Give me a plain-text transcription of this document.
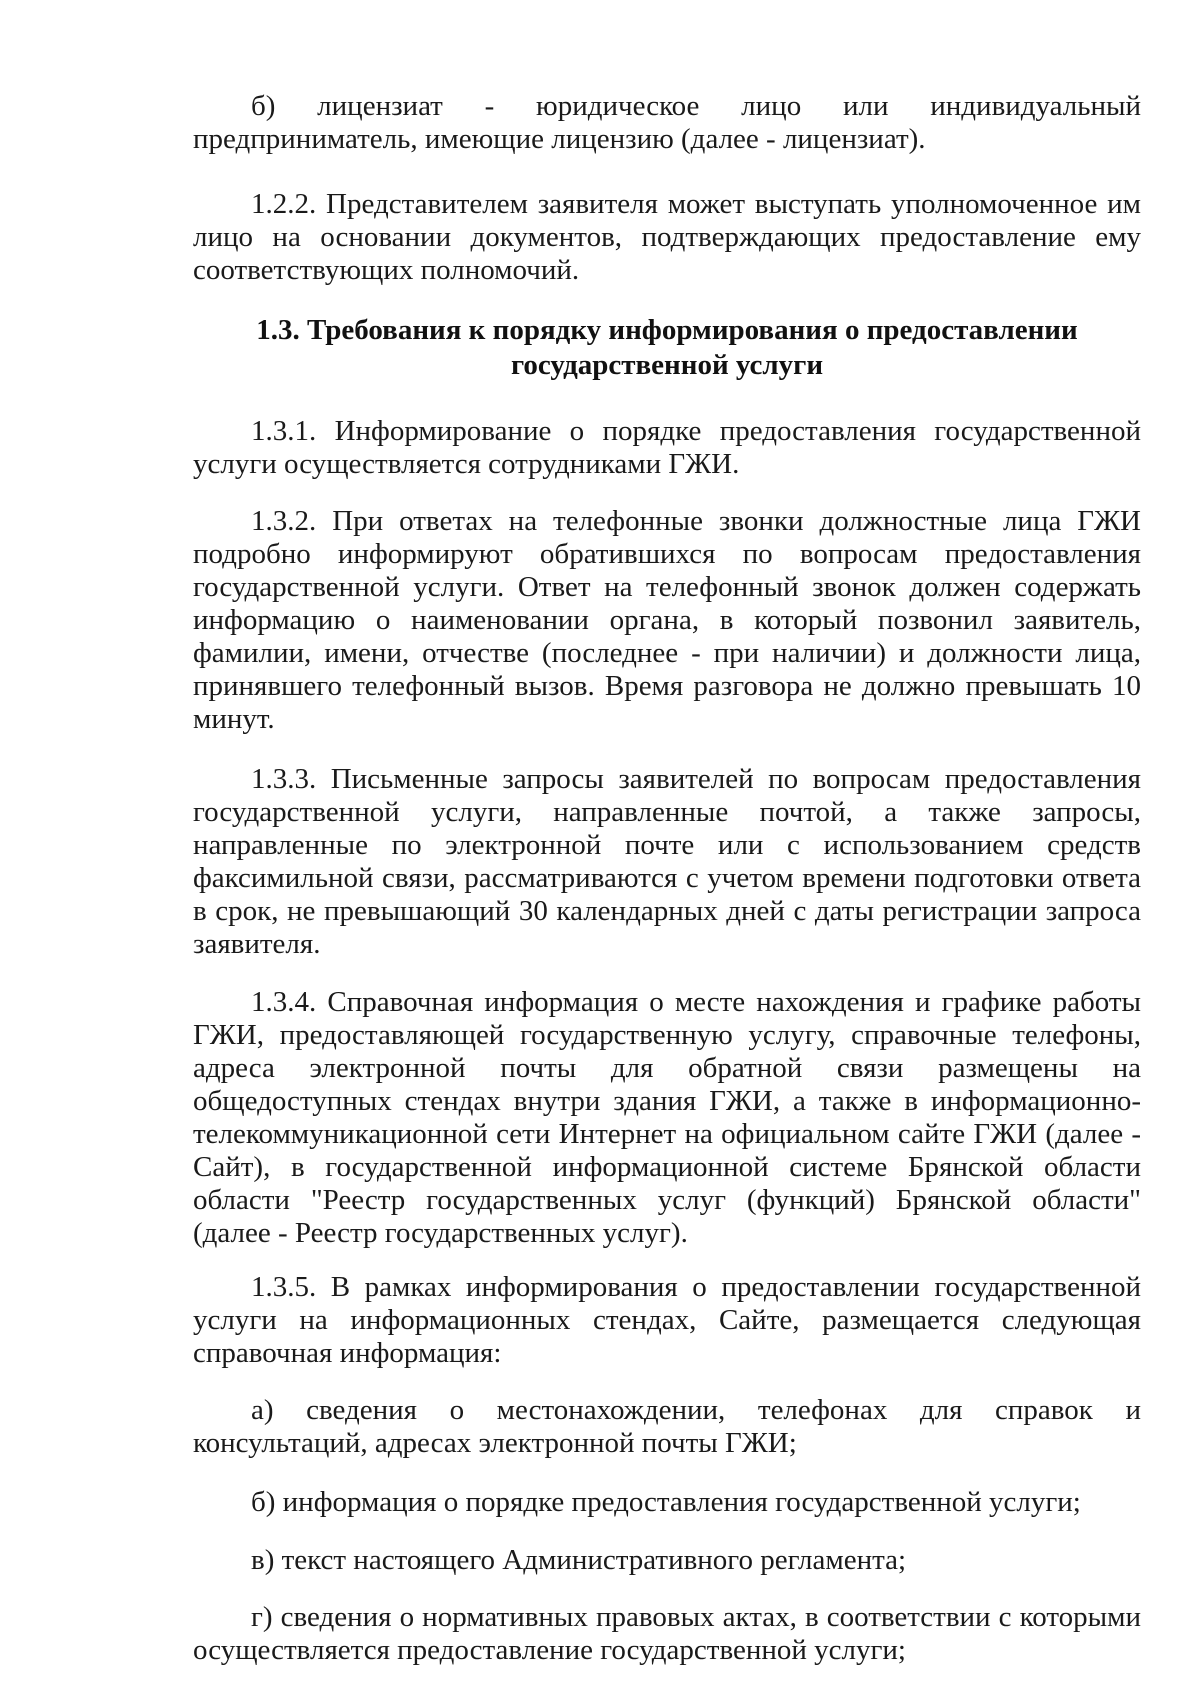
б) лицензиат - юридическое лицо или индивидуальный предприниматель, имеющие лицензию (далее - лицензиат).

1.2.2. Представителем заявителя может выступать уполномоченное им лицо на основании документов, подтверждающих предоставление ему соответствующих полномочий.

1.3. Требования к порядку информирования о предоставлении
государственной услуги

1.3.1. Информирование о порядке предоставления государственной услуги осуществляется сотрудниками ГЖИ.

1.3.2. При ответах на телефонные звонки должностные лица ГЖИ подробно информируют обратившихся по вопросам предоставления государственной услуги. Ответ на телефонный звонок должен содержать информацию о наименовании органа, в который позвонил заявитель, фамилии, имени, отчестве (последнее - при наличии) и должности лица, принявшего телефонный вызов. Время разговора не должно превышать 10 минут.

1.3.3. Письменные запросы заявителей по вопросам предоставления государственной услуги, направленные почтой, а также запросы, направленные по электронной почте или с использованием средств факсимильной связи, рассматриваются с учетом времени подготовки ответа в срок, не превышающий 30 календарных дней с даты регистрации запроса заявителя.

1.3.4. Справочная информация о месте нахождения и графике работы ГЖИ, предоставляющей государственную услугу, справочные телефоны, адреса электронной почты для обратной связи размещены на общедоступных стендах внутри здания ГЖИ, а также в информационно-телекоммуникационной сети Интернет на официальном сайте ГЖИ (далее - Сайт), в государственной информационной системе Брянской области области "Реестр государственных услуг (функций) Брянской области" (далее - Реестр государственных услуг).

1.3.5. В рамках информирования о предоставлении государственной услуги на информационных стендах, Сайте, размещается следующая справочная информация:

а) сведения о местонахождении, телефонах для справок и консультаций, адресах электронной почты ГЖИ;

б) информация о порядке предоставления государственной услуги;

в) текст настоящего Административного регламента;

г) сведения о нормативных правовых актах, в соответствии с которыми осуществляется предоставление государственной услуги;
